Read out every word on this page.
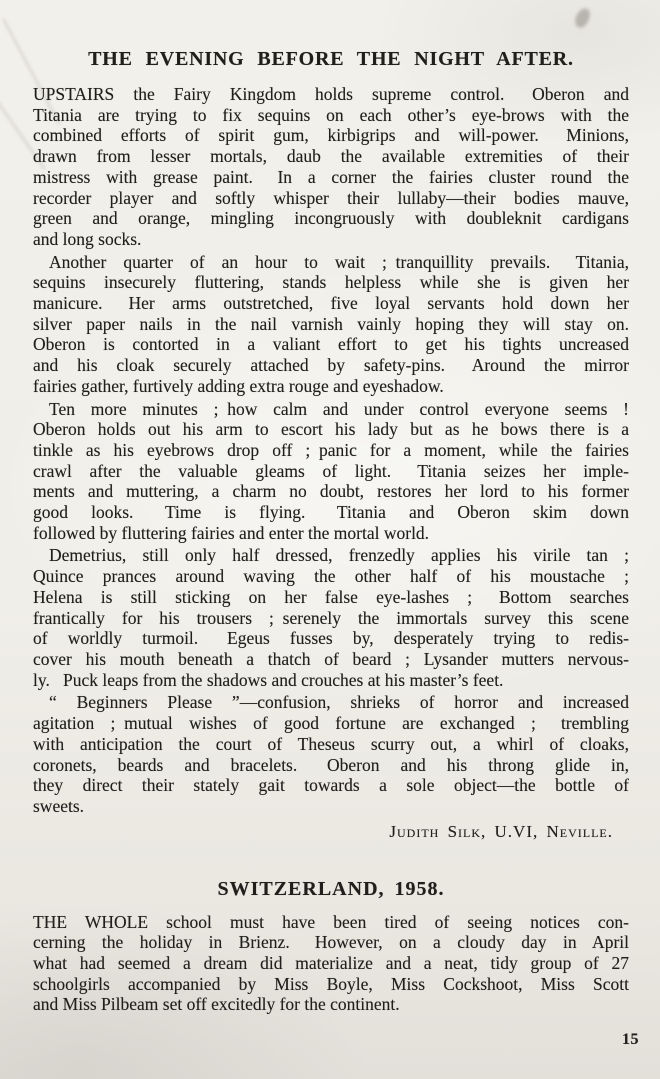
THE EVENING BEFORE THE NIGHT AFTER.

UPSTAIRS the Fairy Kingdom holds supreme control.  Oberon and
Titania are trying to fix sequins on each other’s eye-brows with the
combined efforts of spirit gum, kirbigrips and will-power.  Minions,
drawn from lesser mortals, daub the available extremities of their
mistress with grease paint.  In a corner the fairies cluster round the
recorder player and softly whisper their lullaby—their bodies mauve,
green and orange, mingling incongruously with doubleknit cardigans
and long socks.

Another quarter of an hour to wait ; tranquillity prevails.  Titania,
sequins insecurely fluttering, stands helpless while she is given her
manicure.  Her arms outstretched, five loyal servants hold down her
silver paper nails in the nail varnish vainly hoping they will stay on.
Oberon is contorted in a valiant effort to get his tights uncreased
and his cloak securely attached by safety-pins.  Around the mirror
fairies gather, furtively adding extra rouge and eyeshadow.

Ten more minutes ; how calm and under control everyone seems !
Oberon holds out his arm to escort his lady but as he bows there is a
tinkle as his eyebrows drop off ; panic for a moment, while the fairies
crawl after the valuable gleams of light.  Titania seizes her imple-
ments and muttering, a charm no doubt, restores her lord to his former
good looks.  Time is flying.  Titania and Oberon skim down
followed by fluttering fairies and enter the mortal world.

Demetrius, still only half dressed, frenzedly applies his virile tan ;
Quince prances around waving the other half of his moustache ;
Helena is still sticking on her false eye-lashes ;  Bottom searches
frantically for his trousers ; serenely the immortals survey this scene
of worldly turmoil.  Egeus fusses by, desperately trying to redis-
cover his mouth beneath a thatch of beard ; Lysander mutters nervous-
ly.  Puck leaps from the shadows and crouches at his master’s feet.

“ Beginners Please ”—confusion, shrieks of horror and increased
agitation ; mutual wishes of good fortune are exchanged ;  trembling
with anticipation the court of Theseus scurry out, a whirl of cloaks,
coronets, beards and bracelets.  Oberon and his throng glide in,
they direct their stately gait towards a sole object—the bottle of
sweets.

Judith Silk, U.VI, Neville.
SWITZERLAND, 1958.

THE WHOLE school must have been tired of seeing notices con-
cerning the holiday in Brienz.  However, on a cloudy day in April
what had seemed a dream did materialize and a neat, tidy group of 27
schoolgirls accompanied by Miss Boyle, Miss Cockshoot, Miss Scott
and Miss Pilbeam set off excitedly for the continent.

15
